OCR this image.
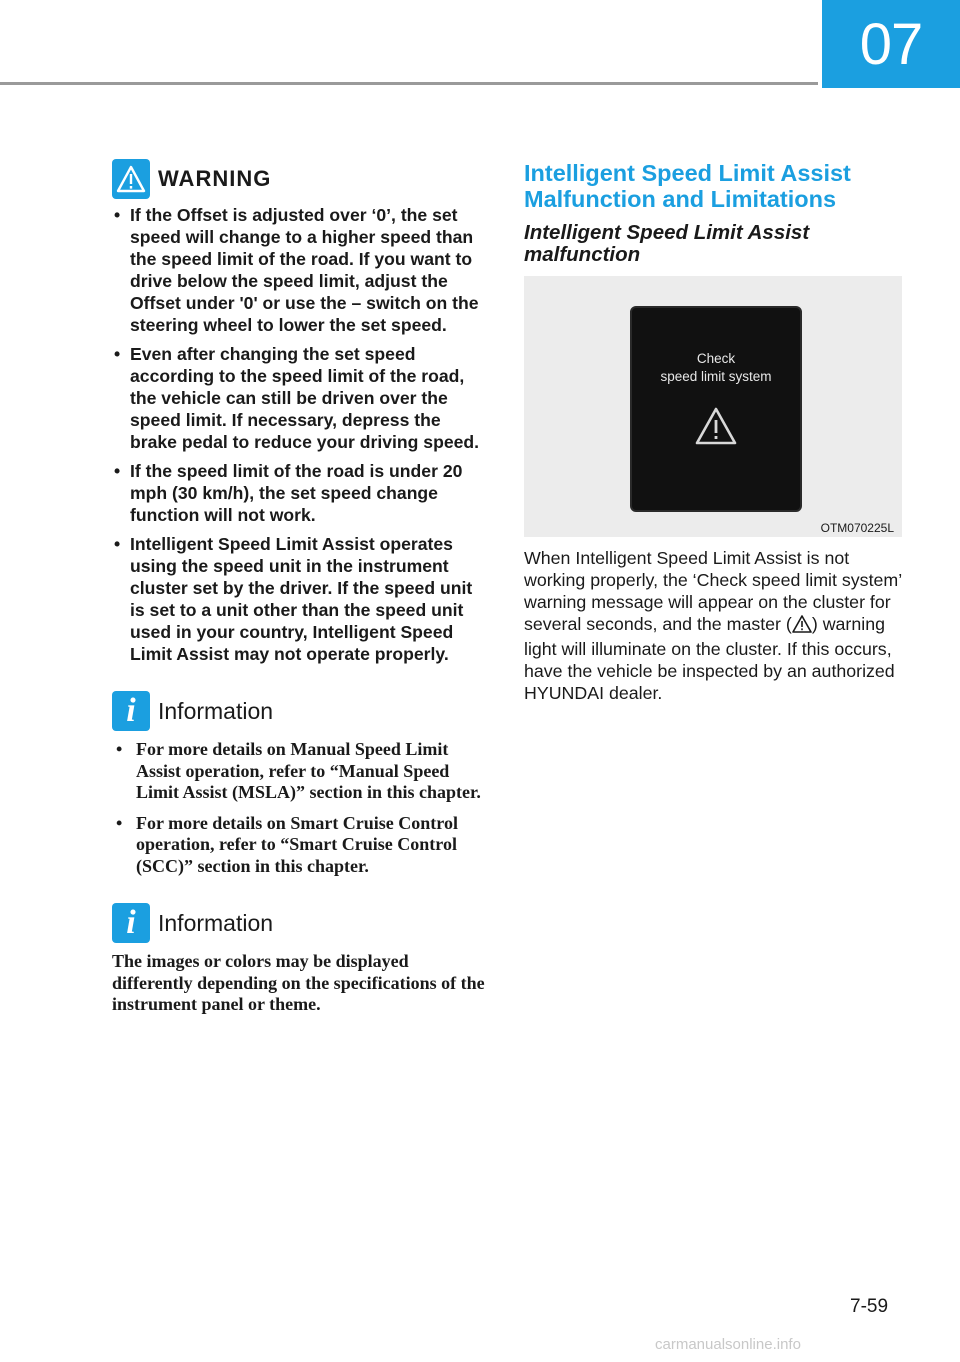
07
WARNING
• If the Offset is adjusted over ‘0’, the set speed will change to a higher speed than the speed limit of the road. If you want to drive below the speed limit, adjust the Offset under '0' or use the – switch on the steering wheel to lower the set speed.
• Even after changing the set speed according to the speed limit of the road, the vehicle can still be driven over the speed limit. If necessary, depress the brake pedal to reduce your driving speed.
• If the speed limit of the road is under 20 mph (30 km/h), the set speed change function will not work.
• Intelligent Speed Limit Assist operates using the speed unit in the instrument cluster set by the driver. If the speed unit is set to a unit other than the speed unit used in your country, Intelligent Speed Limit Assist may not operate properly.
i Information
• For more details on Manual Speed Limit Assist operation, refer to “Manual Speed Limit Assist (MSLA)” section in this chapter.
• For more details on Smart Cruise Control operation, refer to “Smart Cruise Control (SCC)” section in this chapter.
i Information
The images or colors may be displayed differently depending on the specifications of the instrument panel or theme.
Intelligent Speed Limit Assist Malfunction and Limitations
Intelligent Speed Limit Assist malfunction
Check
speed limit system
OTM070225L
When Intelligent Speed Limit Assist is not working properly, the ‘Check speed limit system’ warning message will appear on the cluster for several seconds, and the master ( ) warning light will illuminate on the cluster. If this occurs, have the vehicle be inspected by an authorized HYUNDAI dealer.
7-59
carmanualsonline.info
